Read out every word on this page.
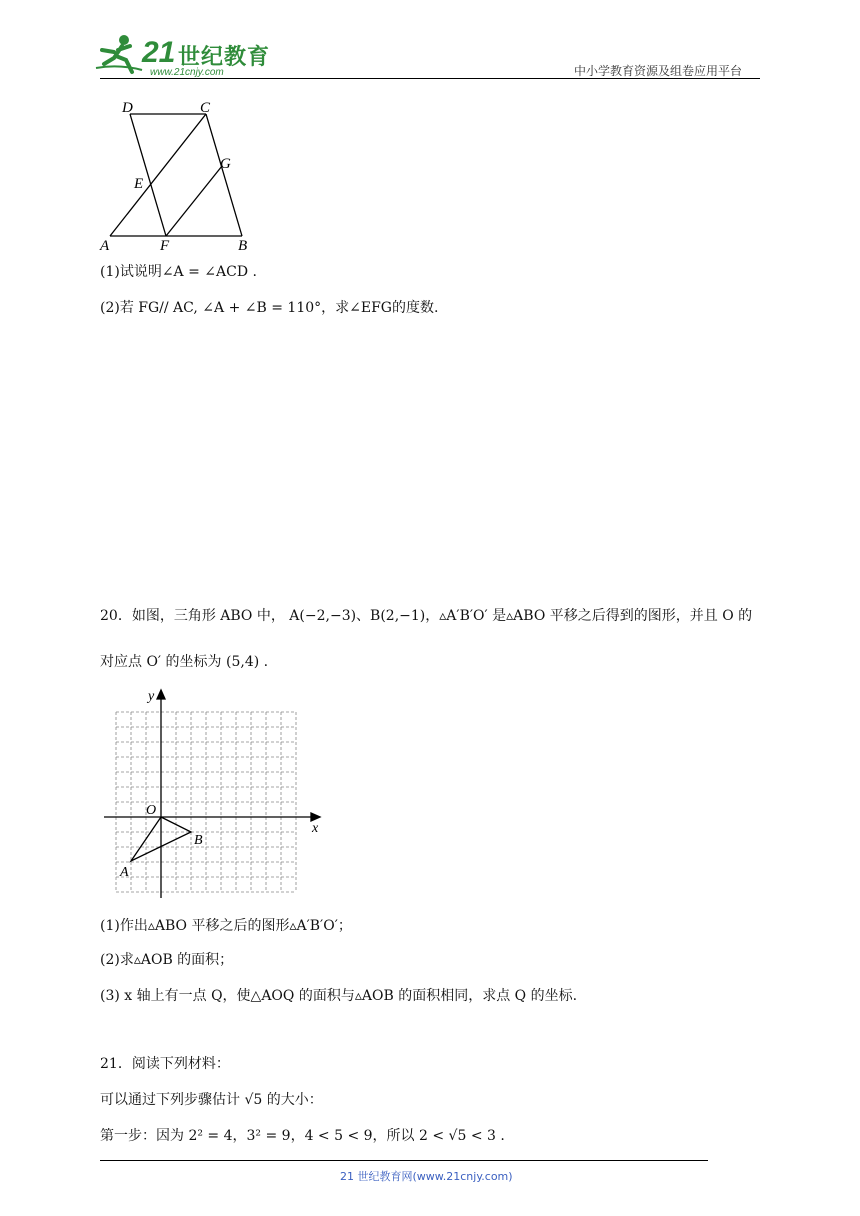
21 世纪教育
www.21cnjy.com	中小学教育资源及组卷应用平台
D	C
G
E
A	F	B
(1)试说明∠A = ∠ACD .
(2)若 FG// AC, ∠A + ∠B = 110°，求∠EFG的度数.
20．如图，三角形 ABO 中， A(−2,−3)、B(2,−1)，▵A′B′O′ 是▵ABO 平移之后得到的图形，并且 O 的
对应点 O′ 的坐标为 (5,4) .
x
y
O
B
A
(1)作出▵ABO 平移之后的图形▵A′B′O′；
(2)求▵AOB 的面积；
(3) x 轴上有一点 Q，使△AOQ 的面积与▵AOB 的面积相同，求点 Q 的坐标.
21．阅读下列材料：
可以通过下列步骤估计 √5 的大小：
第一步：因为 2² = 4，3² = 9，4 < 5 < 9，所以 2 < √5 < 3 .
21 世纪教育网(www.21cnjy.com)
